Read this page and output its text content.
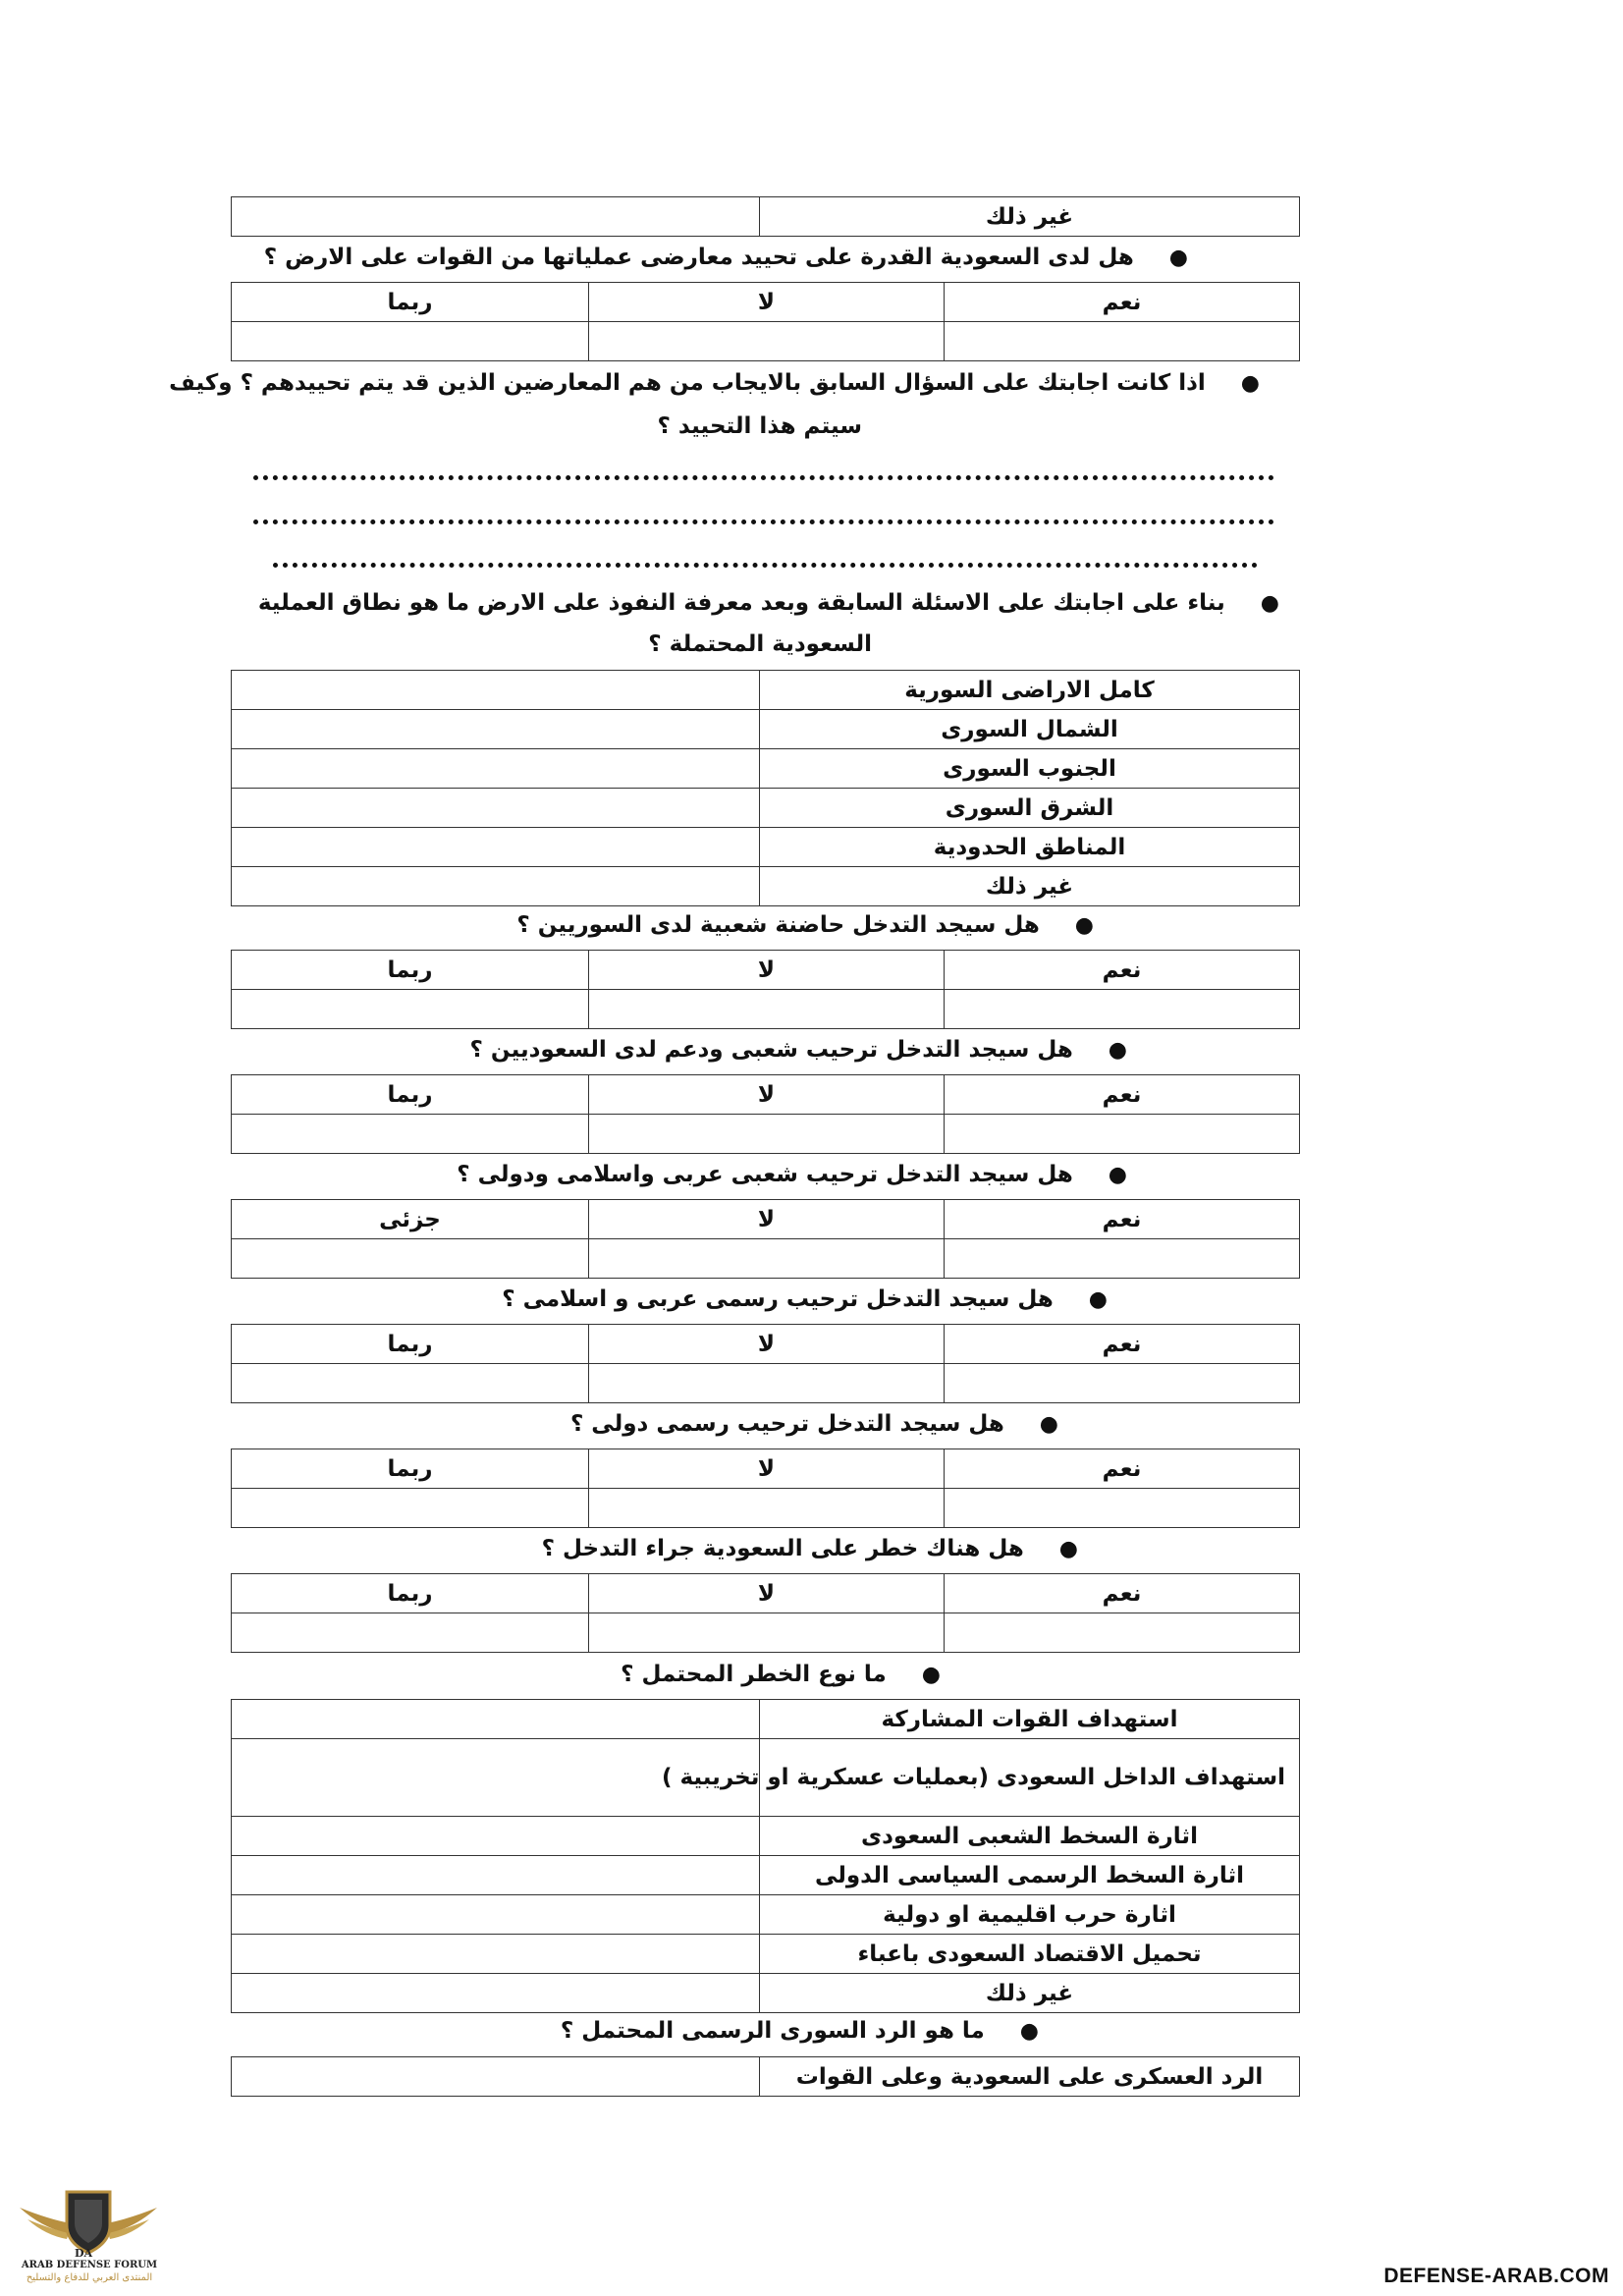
غير ذلك	
●هل لدى السعودية القدرة على تحييد معارضى عملياتها من القوات على الارض ؟
نعم	لا	ربما

●اذا كانت اجابتك على السؤال السابق بالايجاب من هم المعارضين الذين قد يتم تحييدهم ؟ وكيف
سيتم هذا التحييد ؟
●بناء على اجابتك على الاسئلة السابقة وبعد معرفة النفوذ على الارض ما هو نطاق العملية
السعودية المحتملة ؟
كامل الاراضى السورية	
الشمال السورى	
الجنوب السورى	
الشرق السورى	
المناطق الحدودية	
غير ذلك	
●هل سيجد التدخل حاضنة شعبية لدى السوريين ؟
نعم	لا	ربما

●هل سيجد التدخل ترحيب شعبى ودعم لدى السعوديين ؟
نعم	لا	ربما

●هل سيجد التدخل ترحيب شعبى عربى واسلامى ودولى ؟
نعم	لا	جزئى

●هل سيجد التدخل ترحيب رسمى عربى و اسلامى ؟
نعم	لا	ربما

●هل سيجد التدخل ترحيب رسمى دولى ؟
نعم	لا	ربما

●هل هناك خطر على السعودية جراء التدخل ؟
نعم	لا	ربما

●ما نوع الخطر المحتمل ؟
استهداف القوات المشاركة	
استهداف الداخل السعودى (بعمليات عسكرية او تخريبية )	
اثارة السخط الشعبى السعودى	
اثارة السخط الرسمى السياسى الدولى	
اثارة حرب اقليمية او دولية	
تحميل الاقتصاد السعودى باعباء	
غير ذلك	
●ما هو الرد السورى الرسمى المحتمل ؟
الرد العسكرى على السعودية وعلى القوات	
DA
ARAB DEFENSE FORUM
المنتدى العربي للدفاع والتسليح	DEFENSE-ARAB.COM
